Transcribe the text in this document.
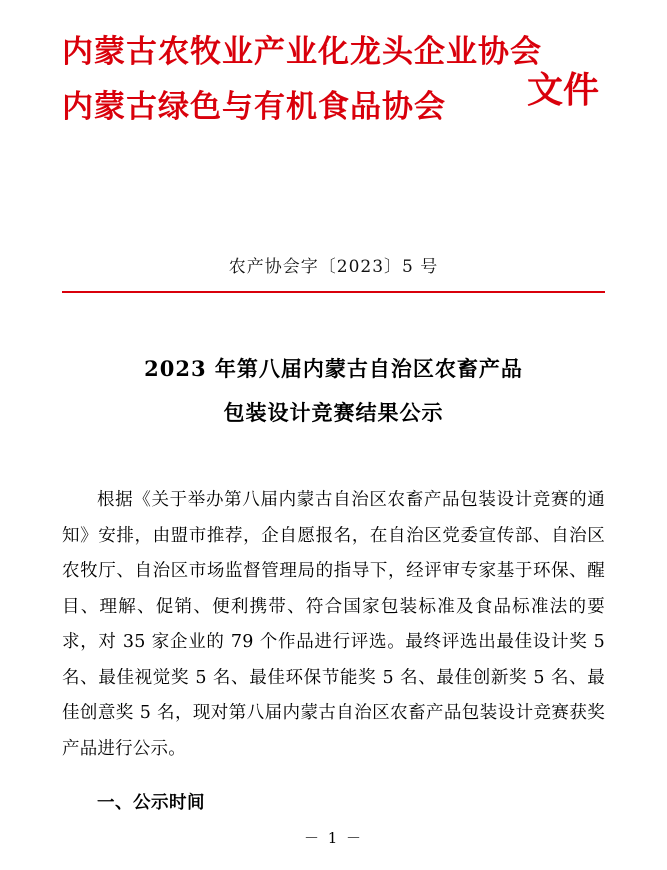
内蒙古农牧业产业化龙头企业协会
内蒙古绿色与有机食品协会	文件
农产协会字〔2023〕5 号
2023 年第八届内蒙古自治区农畜产品
包装设计竞赛结果公示

根据《关于举办第八届内蒙古自治区农畜产品包装设计竞赛的通知》安排，由盟市推荐，企自愿报名，在自治区党委宣传部、自治区农牧厅、自治区市场监督管理局的指导下，经评审专家基于环保、醒目、理解、促销、便利携带、符合国家包装标准及食品标准法的要求，对 35 家企业的 79 个作品进行评选。最终评选出最佳设计奖 5 名、最佳视觉奖 5 名、最佳环保节能奖 5 名、最佳创新奖 5 名、最佳创意奖 5 名，现对第八届内蒙古自治区农畜产品包装设计竞赛获奖产品进行公示。

一、公示时间
－ 1 －
